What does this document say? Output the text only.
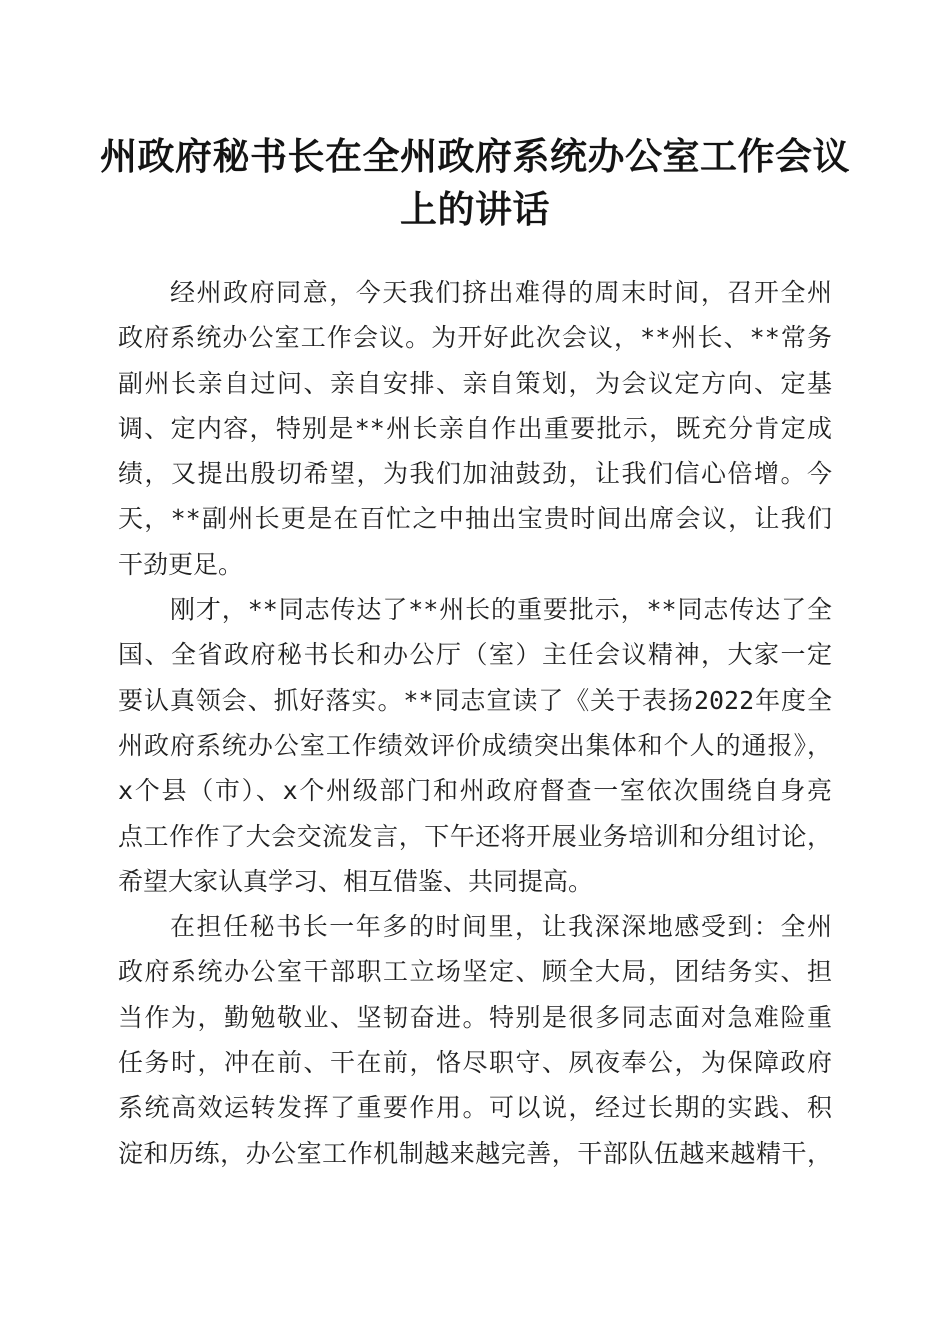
州政府秘书长在全州政府系统办公室工作会议
上的讲话

经州政府同意，今天我们挤出难得的周末时间，召开全州
政府系统办公室工作会议。为开好此次会议，**州长、**常务
副州长亲自过问、亲自安排、亲自策划，为会议定方向、定基
调、定内容，特别是**州长亲自作出重要批示，既充分肯定成
绩，又提出殷切希望，为我们加油鼓劲，让我们信心倍增。今
天，**副州长更是在百忙之中抽出宝贵时间出席会议，让我们
干劲更足。

刚才，**同志传达了**州长的重要批示，**同志传达了全
国、全省政府秘书长和办公厅（室）主任会议精神，大家一定
要认真领会、抓好落实。**同志宣读了《关于表扬2022年度全
州政府系统办公室工作绩效评价成绩突出集体和个人的通报》，
x个县（市）、x个州级部门和州政府督查一室依次围绕自身亮
点工作作了大会交流发言，下午还将开展业务培训和分组讨论，
希望大家认真学习、相互借鉴、共同提高。

在担任秘书长一年多的时间里，让我深深地感受到：全州
政府系统办公室干部职工立场坚定、顾全大局，团结务实、担
当作为，勤勉敬业、坚韧奋进。特别是很多同志面对急难险重
任务时，冲在前、干在前，恪尽职守、夙夜奉公，为保障政府
系统高效运转发挥了重要作用。可以说，经过长期的实践、积
淀和历练，办公室工作机制越来越完善，干部队伍越来越精干，
